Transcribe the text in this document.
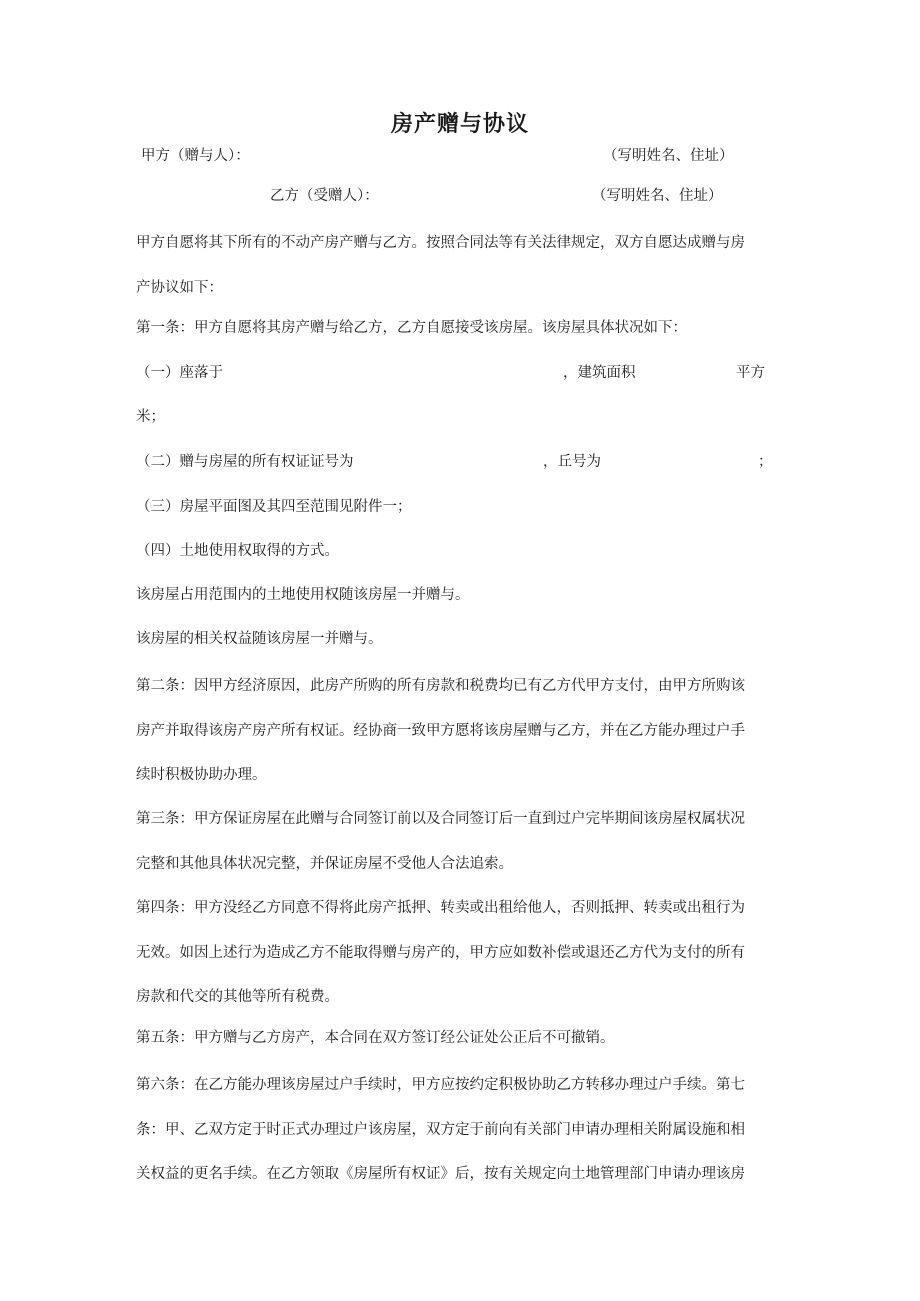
房产赠与协议
甲方（赠与人）：	（写明姓名、住址）
乙方（受赠人）：	（写明姓名、住址）

甲方自愿将其下所有的不动产房产赠与乙方。按照合同法等有关法律规定，双方自愿达成赠与房

产协议如下：

第一条：甲方自愿将其房产赠与给乙方，乙方自愿接受该房屋。该房屋具体状况如下：
（一）座落于	，建筑面积	平方
米；
（二）赠与房屋的所有权证证号为	，丘号为	；
（三）房屋平面图及其四至范围见附件一；
（四）土地使用权取得的方式。
该房屋占用范围内的土地使用权随该房屋一并赠与。
该房屋的相关权益随该房屋一并赠与。

第二条：因甲方经济原因，此房产所购的所有房款和税费均已有乙方代甲方支付，由甲方所购该

房产并取得该房产房产所有权证。经协商一致甲方愿将该房屋赠与乙方，并在乙方能办理过户手

续时积极协助办理。

第三条：甲方保证房屋在此赠与合同签订前以及合同签订后一直到过户完毕期间该房屋权属状况

完整和其他具体状况完整，并保证房屋不受他人合法追索。

第四条：甲方没经乙方同意不得将此房产抵押、转卖或出租给他人，否则抵押、转卖或出租行为

无效。如因上述行为造成乙方不能取得赠与房产的，甲方应如数补偿或退还乙方代为支付的所有

房款和代交的其他等所有税费。

第五条：甲方赠与乙方房产，本合同在双方签订经公证处公正后不可撤销。

第六条：在乙方能办理该房屋过户手续时，甲方应按约定积极协助乙方转移办理过户手续。第七

条：甲、乙双方定于时正式办理过户该房屋，双方定于前向有关部门申请办理相关附属设施和相

关权益的更名手续。在乙方领取《房屋所有权证》后，按有关规定向土地管理部门申请办理该房
